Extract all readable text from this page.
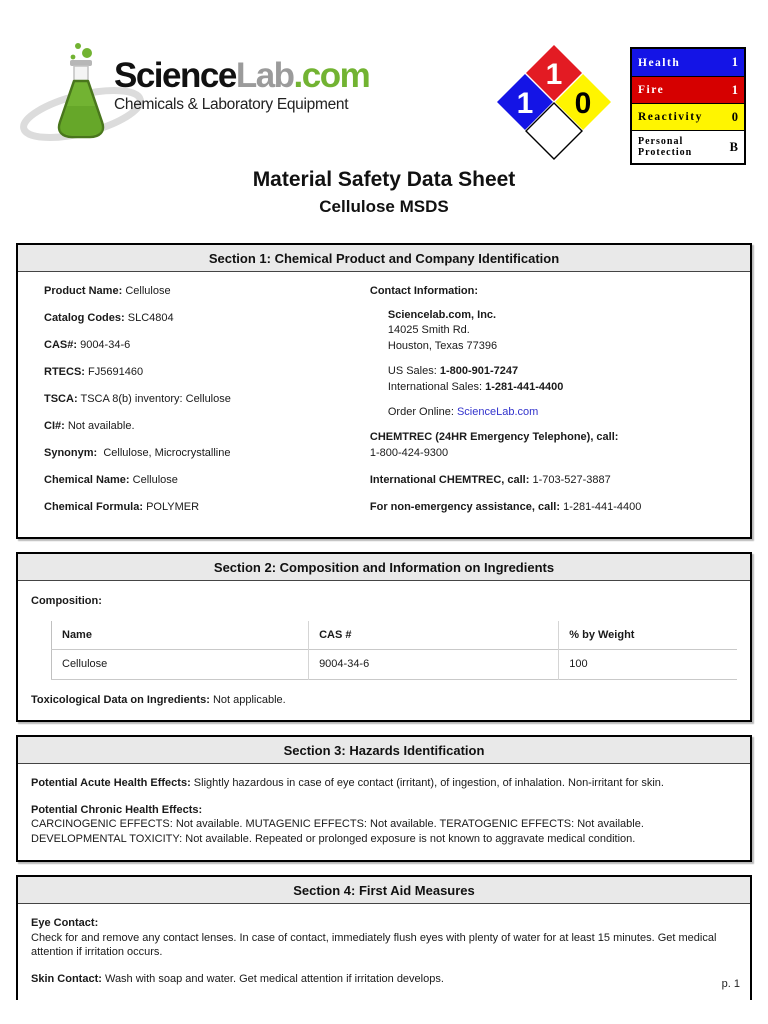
ScienceLab.com
Chemicals & Laboratory Equipment
1
1 0
Health	1
Fire	1
Reactivity 0
Personal Protection	B
Material Safety Data Sheet
Cellulose MSDS
Section 1: Chemical Product and Company Identification

Product Name: Cellulose

Catalog Codes: SLC4804

CAS#: 9004-34-6

RTECS: FJ5691460

TSCA: TSCA 8(b) inventory: Cellulose

CI#: Not available.

Synonym: Cellulose, Microcrystalline

Chemical Name: Cellulose

Chemical Formula: POLYMER

Contact Information:
Sciencelab.com, Inc.
14025 Smith Rd.
Houston, Texas 77396
US Sales: 1-800-901-7247
International Sales: 1-281-441-4400
Order Online: ScienceLab.com
CHEMTREC (24HR Emergency Telephone), call:
1-800-424-9300
International CHEMTREC, call: 1-703-527-3887
For non-emergency assistance, call: 1-281-441-4400
Section 2: Composition and Information on Ingredients
Composition:
Name	CAS #	% by Weight
Cellulose	9004-34-6	100
Toxicological Data on Ingredients: Not applicable.
Section 3: Hazards Identification

Potential Acute Health Effects: Slightly hazardous in case of eye contact (irritant), of ingestion, of inhalation. Non-irritant for skin.

Potential Chronic Health Effects:
CARCINOGENIC EFFECTS: Not available. MUTAGENIC EFFECTS: Not available. TERATOGENIC EFFECTS: Not available. DEVELOPMENTAL TOXICITY: Not available. Repeated or prolonged exposure is not known to aggravate medical condition.

Section 4: First Aid Measures

Eye Contact:
Check for and remove any contact lenses. In case of contact, immediately flush eyes with plenty of water for at least 15 minutes. Get medical attention if irritation occurs.

Skin Contact: Wash with soap and water. Get medical attention if irritation develops.	p. 1
